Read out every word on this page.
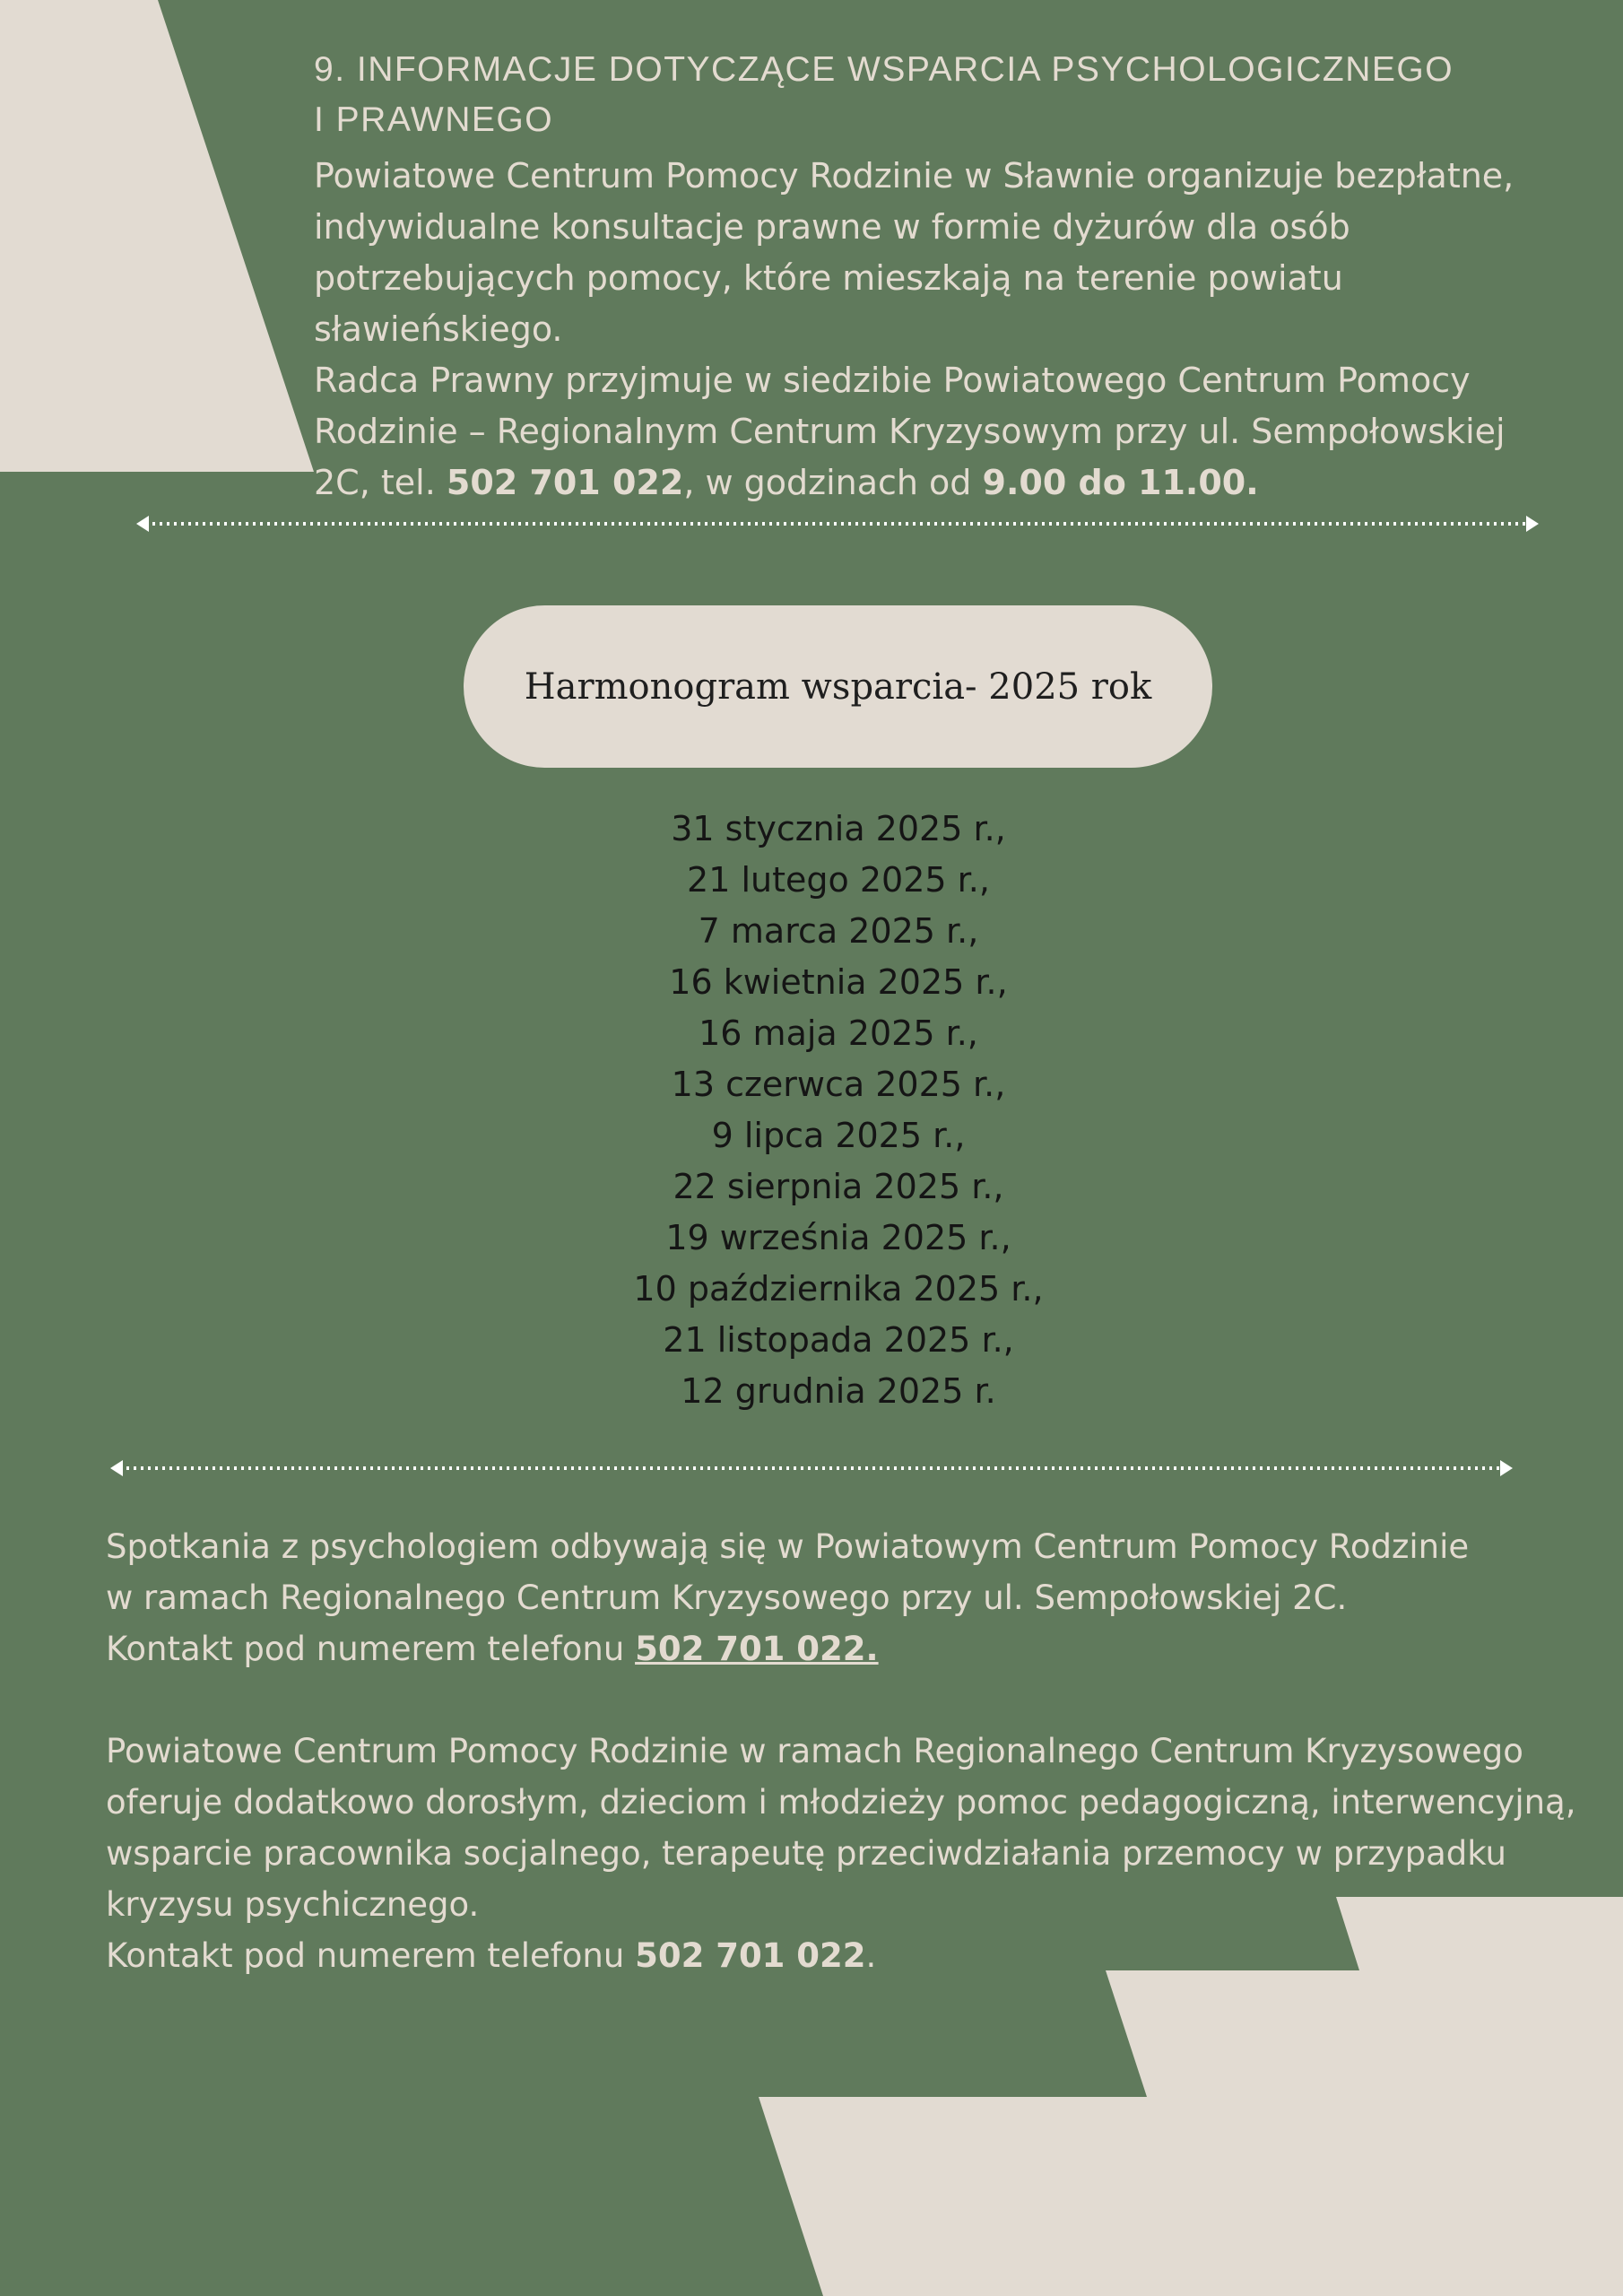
9. INFORMACJE DOTYCZĄCE WSPARCIA PSYCHOLOGICZNEGO
I PRAWNEGO

Powiatowe Centrum Pomocy Rodzinie w Sławnie organizuje bezpłatne, indywidualne konsultacje prawne w formie dyżurów dla osób potrzebujących pomocy, które mieszkają na terenie powiatu sławieńskiego.

Radca Prawny przyjmuje w siedzibie Powiatowego Centrum Pomocy Rodzinie – Regionalnym Centrum Kryzysowym przy ul. Sempołowskiej 2C, tel. 502 701 022, w godzinach od 9.00 do 11.00.

Harmonogram wsparcia- 2025 rok
31 stycznia 2025 r.,
21 lutego 2025 r.,
7 marca 2025 r.,
16 kwietnia 2025 r.,
16 maja 2025 r.,
13 czerwca 2025 r.,
9 lipca 2025 r.,
22 sierpnia 2025 r.,
19 września 2025 r.,
10 października 2025 r.,
21 listopada 2025 r.,
12 grudnia 2025 r.

Spotkania z psychologiem odbywają się w Powiatowym Centrum Pomocy Rodzinie

w ramach Regionalnego Centrum Kryzysowego przy ul. Sempołowskiej 2C.

Kontakt pod numerem telefonu 502 701 022.

Powiatowe Centrum Pomocy Rodzinie w ramach Regionalnego Centrum Kryzysowego oferuje dodatkowo dorosłym, dzieciom i młodzieży pomoc pedagogiczną, interwencyjną, wsparcie pracownika socjalnego, terapeutę przeciwdziałania przemocy w przypadku kryzysu psychicznego.

Kontakt pod numerem telefonu 502 701 022.
